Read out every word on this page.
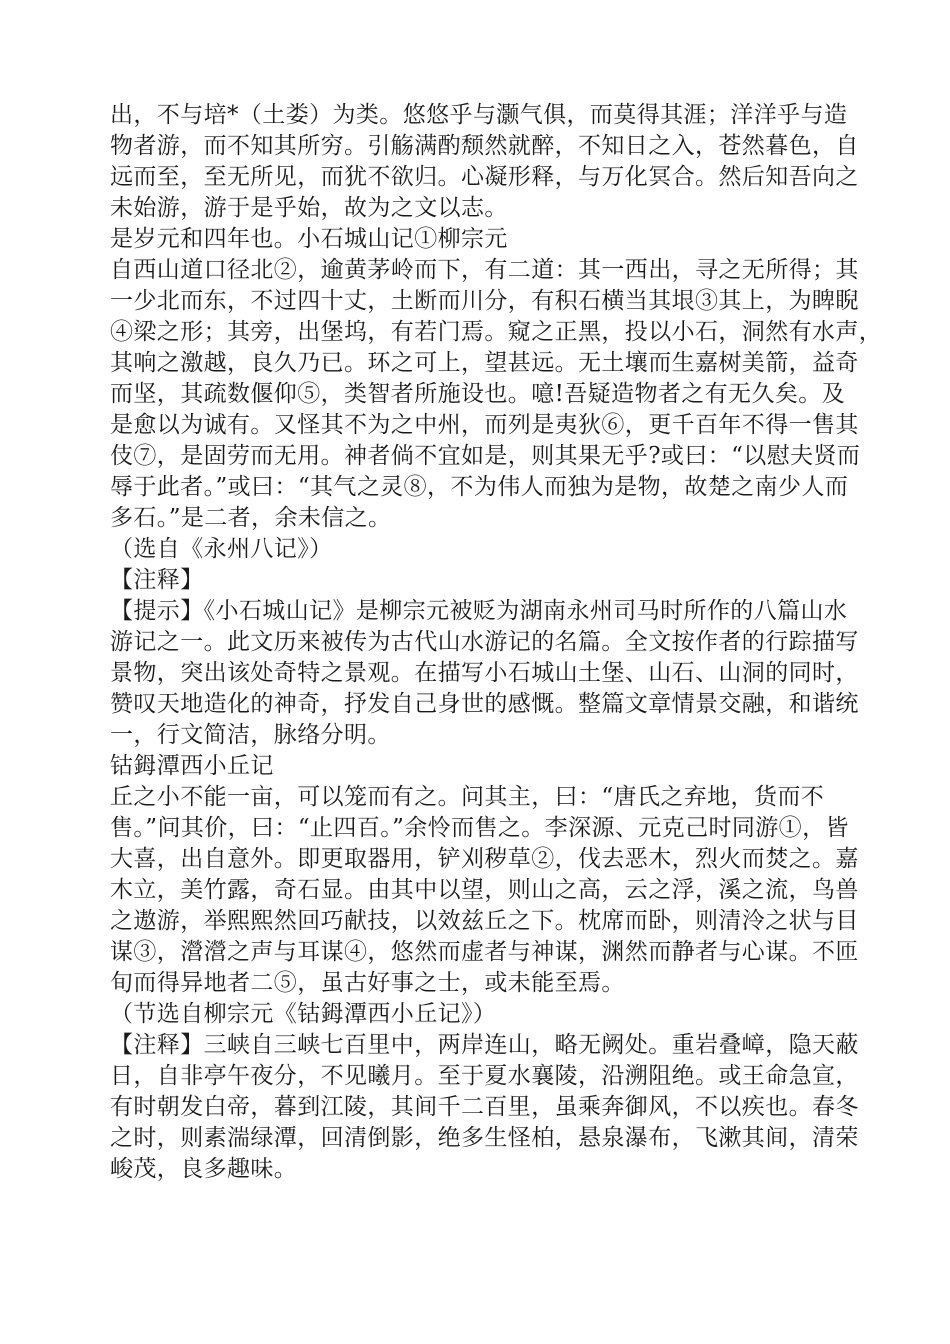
出，不与培*（土娄）为类。悠悠乎与灏气俱，而莫得其涯；洋洋乎与造
物者游，而不知其所穷。引觞满酌颓然就醉，不知日之入，苍然暮色，自
远而至，至无所见，而犹不欲归。心凝形释，与万化冥合。然后知吾向之
未始游，游于是乎始，故为之文以志。
是岁元和四年也。小石城山记①柳宗元
自西山道口径北②，逾黄茅岭而下，有二道：其一西出，寻之无所得；其
一少北而东，不过四十丈，土断而川分，有积石横当其垠③其上，为睥睨
④梁之形；其旁，出堡坞，有若门焉。窥之正黑，投以小石，洞然有水声，
其响之激越，良久乃已。环之可上，望甚远。无土壤而生嘉树美箭，益奇
而坚，其疏数偃仰⑤，类智者所施设也。噫!吾疑造物者之有无久矣。及
是愈以为诚有。又怪其不为之中州，而列是夷狄⑥，更千百年不得一售其
伎⑦，是固劳而无用。神者倘不宜如是，则其果无乎?或曰：“以慰夫贤而
辱于此者。”或曰：“其气之灵⑧，不为伟人而独为是物，故楚之南少人而
多石。”是二者，余未信之。
（选自《永州八记》）
【注释】
【提示】《小石城山记》是柳宗元被贬为湖南永州司马时所作的八篇山水
游记之一。此文历来被传为古代山水游记的名篇。全文按作者的行踪描写
景物，突出该处奇特之景观。在描写小石城山土堡、山石、山洞的同时，
赞叹天地造化的神奇，抒发自己身世的感慨。整篇文章情景交融，和谐统
一，行文简洁，脉络分明。
钴鉧潭西小丘记
丘之小不能一亩，可以笼而有之。问其主，曰：“唐氏之弃地，货而不
售。”问其价，曰：“止四百。”余怜而售之。李深源、元克己时同游①，皆
大喜，出自意外。即更取器用，铲刈秽草②，伐去恶木，烈火而焚之。嘉
木立，美竹露，奇石显。由其中以望，则山之高，云之浮，溪之流，鸟兽
之遨游，举熙熙然回巧献技，以效兹丘之下。枕席而卧，则清泠之状与目
谋③，瀯瀯之声与耳谋④，悠然而虚者与神谋，渊然而静者与心谋。不匝
旬而得异地者二⑤，虽古好事之士，或未能至焉。
（节选自柳宗元《钴鉧潭西小丘记》）
【注释】三峡自三峡七百里中，两岸连山，略无阙处。重岩叠嶂，隐天蔽
日，自非亭午夜分，不见曦月。至于夏水襄陵，沿溯阻绝。或王命急宣，
有时朝发白帝，暮到江陵，其间千二百里，虽乘奔御风，不以疾也。春冬
之时，则素湍绿潭，回清倒影，绝多生怪柏，悬泉瀑布，飞漱其间，清荣
峻茂，良多趣味。
